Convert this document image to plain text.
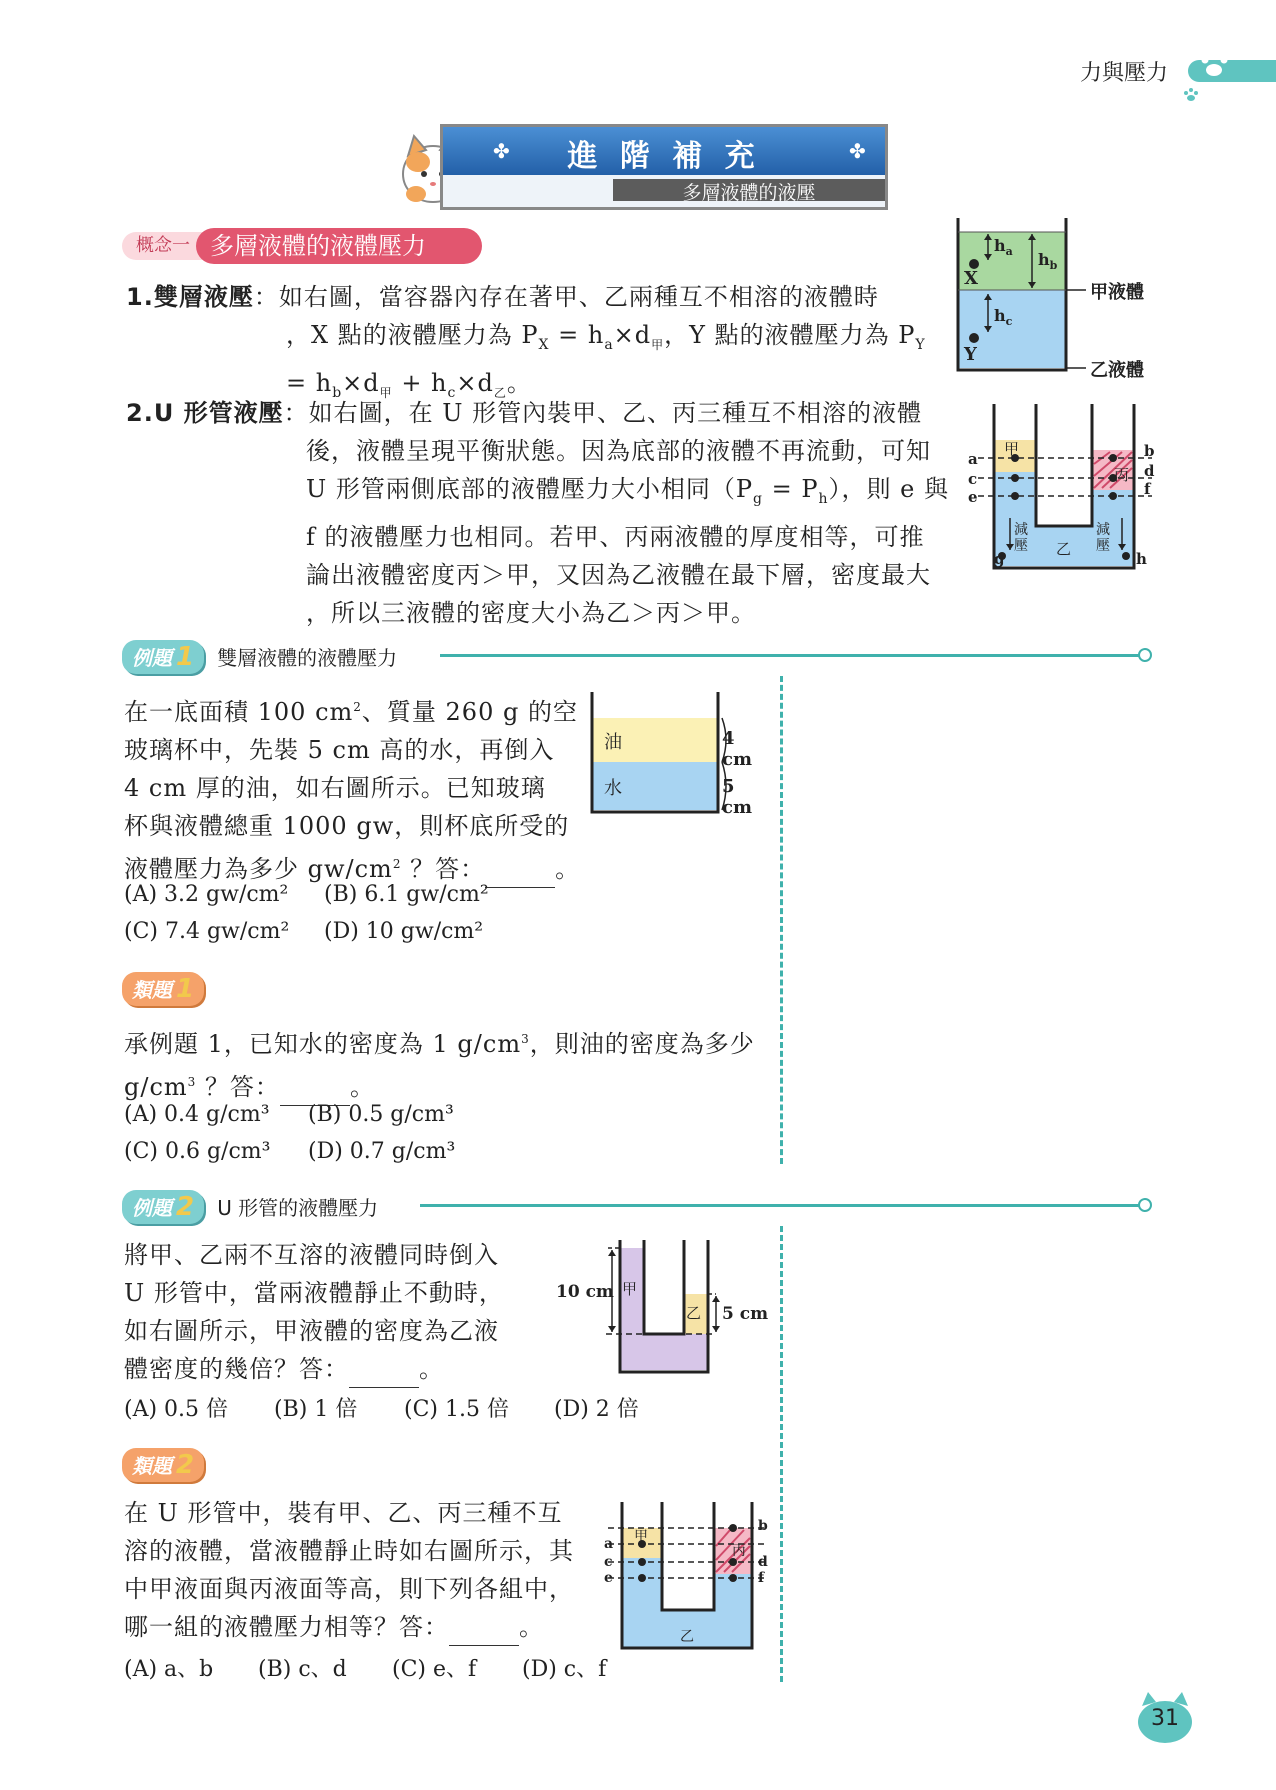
力與壓力
進 階 補 充
多層液體的液壓
✤	✤
概念一 多層液體的液體壓力
1.雙層液壓：如右圖，當容器內存在著甲、乙兩種互不相溶的液體時
，X 點的液體壓力為 $P_X = h_a\times d_甲$，Y 點的液體壓力為 $P_Y$
= $h_b\times d_甲 + h_c\times d_乙$。
2.U 形管液壓：如右圖，在 U 形管內裝甲、乙、丙三種互不相溶的液體
後，液體呈現平衡狀態。因為底部的液體不再流動，可知
U 形管兩側底部的液體壓力大小相同$(P_g = P_h)$，則 e 與
f 的液體壓力也相同。若甲、丙兩液體的厚度相等，可推
論出液體密度丙＞甲，又因為乙液體在最下層，密度最大
，所以三液體的密度大小為乙＞丙＞甲。
$h_a$ $h_b$
$h_c$
X
Y
甲液體
乙液體
甲
丙
乙
a
c
e
b
d
f
g	h
減壓
減壓
例題 1 雙層液體的液體壓力
在一底面積 100 $cm^2$、質量 260 g 的空
玻璃杯中，先裝 5 cm 高的水，再倒入
4 cm 厚的油，如右圖所示。已知玻璃
杯與液體總重 1000 gw，則杯底所受的
液體壓力為多少 $gw/cm^2$ ？答：	。
(A) 3.2 gw/cm² (B) 6.1 gw/cm²
(C) 7.4 gw/cm² (D) 10 gw/cm²
油
水
4 cm
5 cm
類題 1
承例題 1，已知水的密度為 1 $g/cm^3$，則油的密度為多少
$g/cm^3$ ？答：	。
(A) 0.4 g/cm³ (B) 0.5 g/cm³
(C) 0.6 g/cm³ (D) 0.7 g/cm³
例題 2 U 形管的液體壓力
將甲、乙兩不互溶的液體同時倒入
U 形管中，當兩液體靜止不動時，
如右圖所示，甲液體的密度為乙液
體密度的幾倍？答：	。
(A) 0.5 倍 (B) 1 倍 (C) 1.5 倍 (D) 2 倍
10 cm
5 cm
甲
乙
類題 2
在 U 形管中，裝有甲、乙、丙三種不互
溶的液體，當液體靜止時如右圖所示，其
中甲液面與丙液面等高，則下列各組中，
哪一組的液體壓力相等？答：	。
(A) a、b (B) c、d (C) e、f (D) c、f
甲
丙
乙
a
c
e
b
d
f
31
